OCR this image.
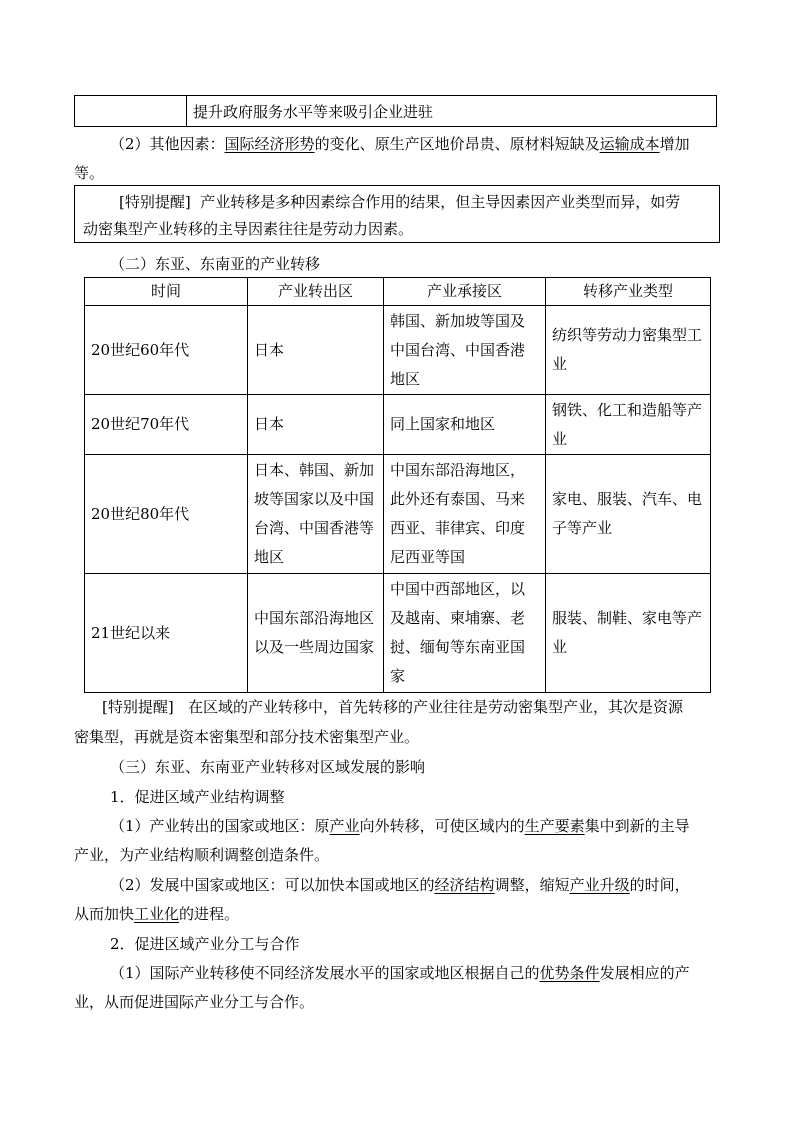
	提升政府服务水平等来吸引企业进驻

（2）其他因素：国际经济形势的变化、原生产区地价昂贵、原材料短缺及运输成本增加
等。

[特别提醒] 产业转移是多种因素综合作用的结果，但主导因素因产业类型而异，如劳
动密集型产业转移的主导因素往往是劳动力因素。

（二）东亚、东南亚的产业转移

时间	产业转出区	产业承接区	转移产业类型
20世纪60年代	日本	韩国、新加坡等国及中国台湾、中国香港地区	纺织等劳动力密集型工业
20世纪70年代	日本	同上国家和地区	钢铁、化工和造船等产业
20世纪80年代	日本、韩国、新加坡等国家以及中国台湾、中国香港等地区	中国东部沿海地区，此外还有泰国、马来西亚、菲律宾、印度尼西亚等国	家电、服装、汽车、电子等产业
21世纪以来	中国东部沿海地区以及一些周边国家	中国中西部地区，以及越南、柬埔寨、老挝、缅甸等东南亚国家	服装、制鞋、家电等产业

[特别提醒] 在区域的产业转移中，首先转移的产业往往是劳动密集型产业，其次是资源

密集型，再就是资本密集型和部分技术密集型产业。

（三）东亚、东南亚产业转移对区域发展的影响

1．促进区域产业结构调整

（1）产业转出的国家或地区：原产业向外转移，可使区域内的生产要素集中到新的主导
产业，为产业结构顺利调整创造条件。

（2）发展中国家或地区：可以加快本国或地区的经济结构调整，缩短产业升级的时间，
从而加快工业化的进程。

2．促进区域产业分工与合作

（1）国际产业转移使不同经济发展水平的国家或地区根据自己的优势条件发展相应的产
业，从而促进国际产业分工与合作。
